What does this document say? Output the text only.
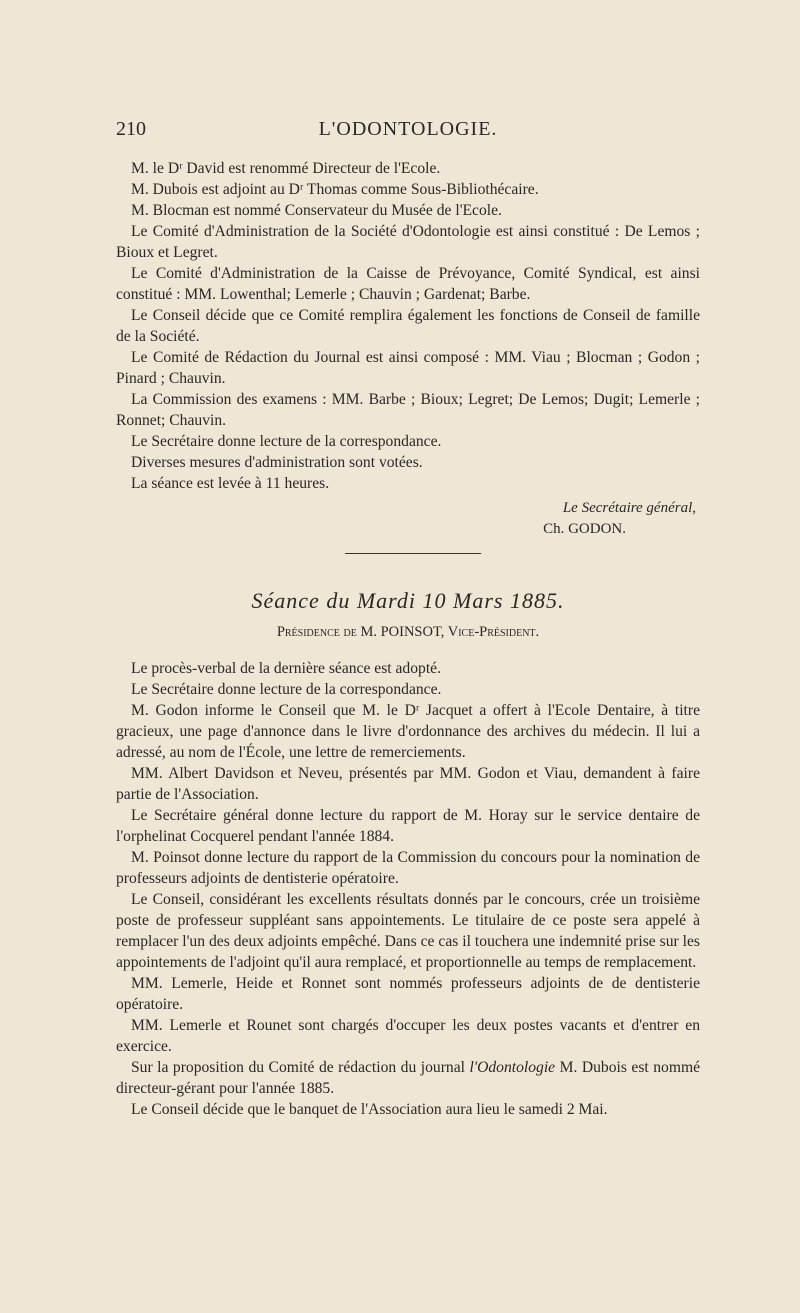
210	L'ODONTOLOGIE.

M. le Dʳ David est renommé Directeur de l'Ecole.

M. Dubois est adjoint au Dʳ Thomas comme Sous-Bibliothécaire.

M. Blocman est nommé Conservateur du Musée de l'Ecole.

Le Comité d'Administration de la Société d'Odontologie est ainsi constitué : De Lemos ; Bioux et Legret.

Le Comité d'Administration de la Caisse de Prévoyance, Comité Syndical, est ainsi constitué : MM. Lowenthal; Lemerle ; Chauvin ; Gardenat; Barbe.

Le Conseil décide que ce Comité remplira également les fonctions de Conseil de famille de la Société.

Le Comité de Rédaction du Journal est ainsi composé : MM. Viau ; Blocman ; Godon ; Pinard ; Chauvin.

La Commission des examens : MM. Barbe ; Bioux; Legret; De Lemos; Dugit; Lemerle ; Ronnet; Chauvin.

Le Secrétaire donne lecture de la correspondance.

Diverses mesures d'administration sont votées.

La séance est levée à 11 heures.

Le Secrétaire général,

Ch. GODON.

Séance du Mardi 10 Mars 1885.

Présidence de M. POINSOT, Vice-Président.

Le procès-verbal de la dernière séance est adopté.

Le Secrétaire donne lecture de la correspondance.

M. Godon informe le Conseil que M. le Dʳ Jacquet a offert à l'Ecole Dentaire, à titre gracieux, une page d'annonce dans le livre d'ordonnance des archives du médecin. Il lui a adressé, au nom de l'École, une lettre de remerciements.

MM. Albert Davidson et Neveu, présentés par MM. Godon et Viau, demandent à faire partie de l'Association.

Le Secrétaire général donne lecture du rapport de M. Horay sur le service dentaire de l'orphelinat Cocquerel pendant l'année 1884.

M. Poinsot donne lecture du rapport de la Commission du concours pour la nomination de professeurs adjoints de dentisterie opératoire.

Le Conseil, considérant les excellents résultats donnés par le concours, crée un troisième poste de professeur suppléant sans appointements. Le titulaire de ce poste sera appelé à remplacer l'un des deux adjoints empêché. Dans ce cas il touchera une indemnité prise sur les appointements de l'adjoint qu'il aura remplacé, et proportionnelle au temps de remplacement.

MM. Lemerle, Heide et Ronnet sont nommés professeurs adjoints de de dentisterie opératoire.

MM. Lemerle et Rounet sont chargés d'occuper les deux postes vacants et d'entrer en exercice.

Sur la proposition du Comité de rédaction du journal l'Odontologie M. Dubois est nommé directeur-gérant pour l'année 1885.

Le Conseil décide que le banquet de l'Association aura lieu le samedi 2 Mai.
